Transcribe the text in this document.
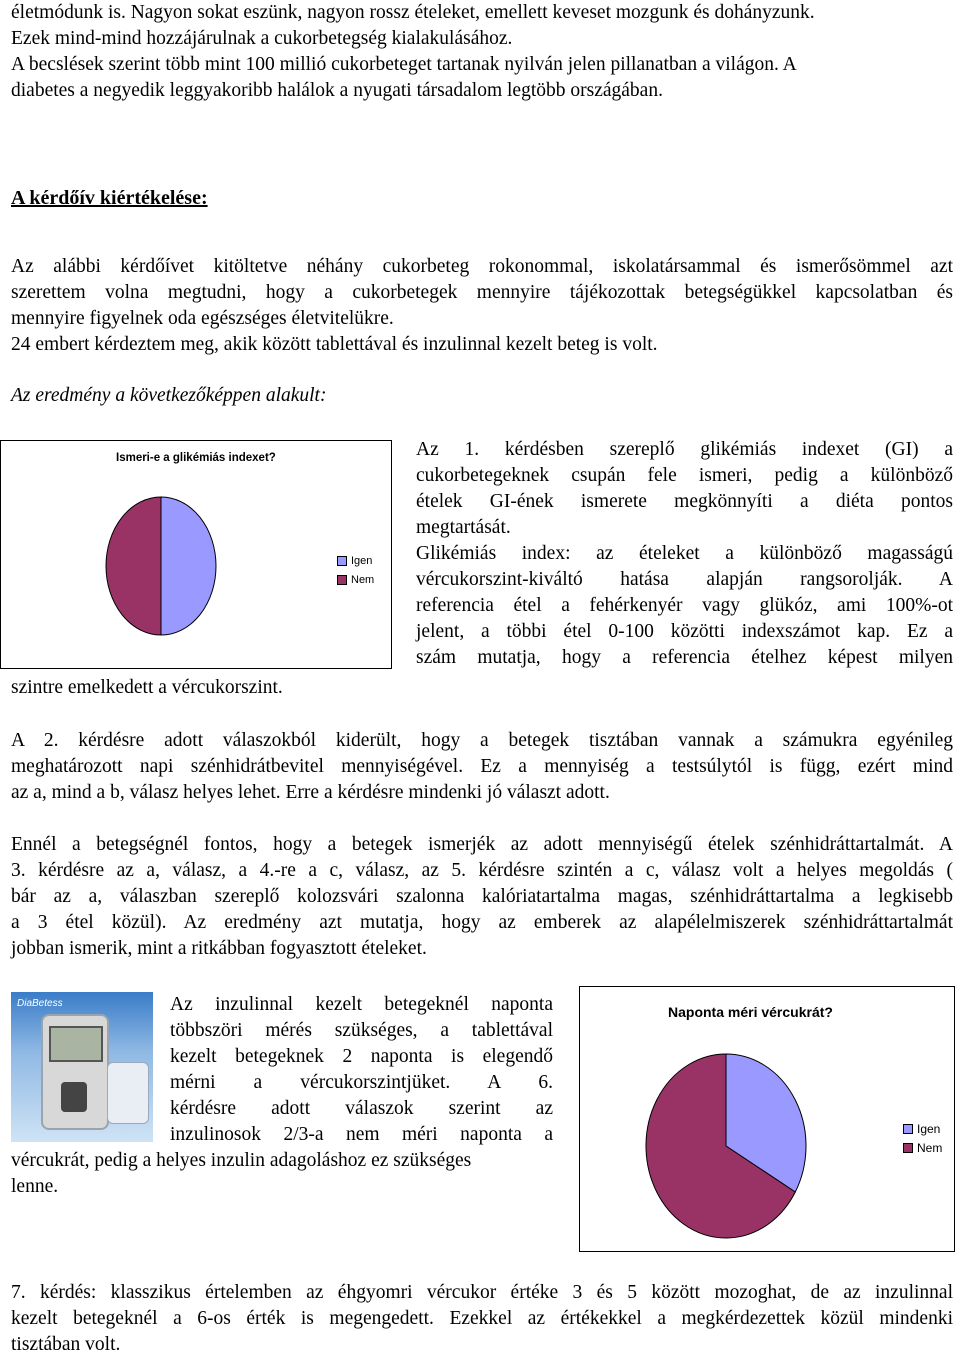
életmódunk is. Nagyon sokat eszünk, nagyon rossz ételeket, emellett keveset mozgunk és dohányzunk.
Ezek mind-mind hozzájárulnak a cukorbetegség kialakulásához.
A becslések szerint több mint 100 millió cukorbeteget tartanak nyilván jelen pillanatban a világon. A
diabetes a negyedik leggyakoribb halálok a nyugati társadalom legtöbb országában.
A kérdőív kiértékelése:
Az alábbi kérdőívet kitöltetve néhány cukorbeteg rokonommal, iskolatársammal és ismerősömmel azt
szerettem volna megtudni, hogy a cukorbetegek mennyire tájékozottak betegségükkel kapcsolatban és
mennyire figyelnek oda egészséges életvitelükre.
24 embert kérdeztem meg, akik között tablettával és inzulinnal kezelt beteg is volt.
Az eredmény a következőképpen alakult:
Ismeri-e a glikémiás indexet?
Igen
Nem
Az 1. kérdésben szereplő glikémiás indexet (GI) a
cukorbetegeknek csupán fele ismeri, pedig a különböző
ételek GI-ének ismerete megkönnyíti a diéta pontos
megtartását.
Glikémiás index: az ételeket a különböző magasságú
vércukorszint-kiváltó hatása alapján rangsorolják. A
referencia étel a fehérkenyér vagy glükóz, ami 100%-ot
jelent, a többi étel 0-100 közötti indexszámot kap. Ez a
szám mutatja, hogy a referencia ételhez képest milyen
szintre emelkedett a vércukorszint.
A 2. kérdésre adott válaszokból kiderült, hogy a betegek tisztában vannak a számukra egyénileg
meghatározott napi szénhidrátbevitel mennyiségével. Ez a mennyiség a testsúlytól is függ, ezért mind
az a, mind a b, válasz helyes lehet. Erre a kérdésre mindenki jó választ adott.
Ennél a betegségnél fontos, hogy a betegek ismerjék az adott mennyiségű ételek szénhidráttartalmát. A
3. kérdésre az a, válasz, a 4.-re a c, válasz, az 5. kérdésre szintén a c, válasz volt a helyes megoldás (
bár az a, válaszban szereplő kolozsvári szalonna kalóriatartalma magas, szénhidráttartalma a legkisebb
a 3 étel közül). Az eredmény azt mutatja, hogy az emberek az alapélelmiszerek szénhidráttartalmát
jobban ismerik, mint a ritkábban fogyasztott ételeket.
DiaBetess	Az inzulinnal kezelt betegeknél naponta
többszöri mérés szükséges, a tablettával
kezelt betegeknek 2 naponta is elegendő
mérni a vércukorszintjüket. A 6.
kérdésre adott válaszok szerint az
inzulinosok 2/3-a nem méri naponta a
vércukrát, pedig a helyes inzulin adagoláshoz ez szükséges
lenne.
Naponta méri vércukrát?
Igen
Nem
7. kérdés: klasszikus értelemben az éhgyomri vércukor értéke 3 és 5 között mozoghat, de az inzulinnal
kezelt betegeknél a 6-os érték is megengedett. Ezekkel az értékekkel a megkérdezettek közül mindenki
tisztában volt.
